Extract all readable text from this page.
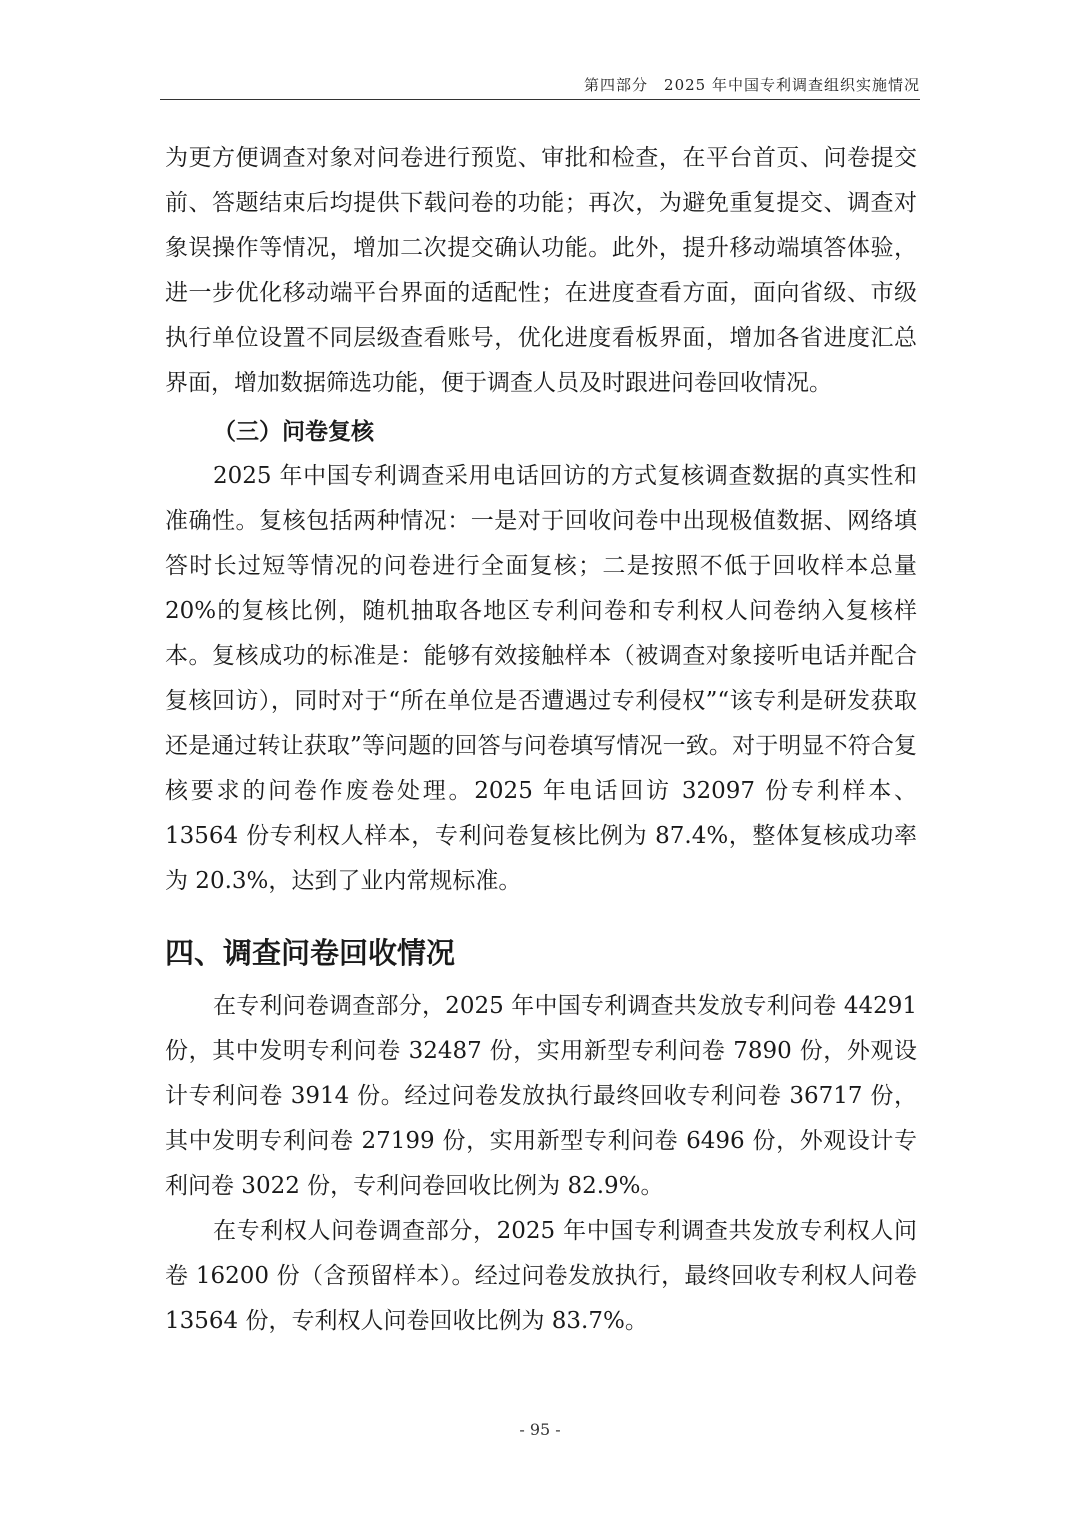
第四部分　2025 年中国专利调查组织实施情况

为更方便调查对象对问卷进行预览、审批和检查，在平台首页、问卷提交前、答题结束后均提供下载问卷的功能；再次，为避免重复提交、调查对象误操作等情况，增加二次提交确认功能。此外，提升移动端填答体验，进一步优化移动端平台界面的适配性；在进度查看方面，面向省级、市级执行单位设置不同层级查看账号，优化进度看板界面，增加各省进度汇总界面，增加数据筛选功能，便于调查人员及时跟进问卷回收情况。

（三）问卷复核

2025 年中国专利调查采用电话回访的方式复核调查数据的真实性和准确性。复核包括两种情况：一是对于回收问卷中出现极值数据、网络填答时长过短等情况的问卷进行全面复核；二是按照不低于回收样本总量 20%的复核比例，随机抽取各地区专利问卷和专利权人问卷纳入复核样本。复核成功的标准是：能够有效接触样本（被调查对象接听电话并配合复核回访），同时对于“所在单位是否遭遇过专利侵权”“该专利是研发获取还是通过转让获取”等问题的回答与问卷填写情况一致。对于明显不符合复核要求的问卷作废卷处理。2025 年电话回访 32097 份专利样本、13564 份专利权人样本，专利问卷复核比例为 87.4%，整体复核成功率为 20.3%，达到了业内常规标准。

四、调查问卷回收情况

在专利问卷调查部分，2025 年中国专利调查共发放专利问卷 44291 份，其中发明专利问卷 32487 份，实用新型专利问卷 7890 份，外观设计专利问卷 3914 份。经过问卷发放执行最终回收专利问卷 36717 份，其中发明专利问卷 27199 份，实用新型专利问卷 6496 份，外观设计专利问卷 3022 份，专利问卷回收比例为 82.9%。

在专利权人问卷调查部分，2025 年中国专利调查共发放专利权人问卷 16200 份（含预留样本）。经过问卷发放执行，最终回收专利权人问卷 13564 份，专利权人问卷回收比例为 83.7%。

- 95 -
